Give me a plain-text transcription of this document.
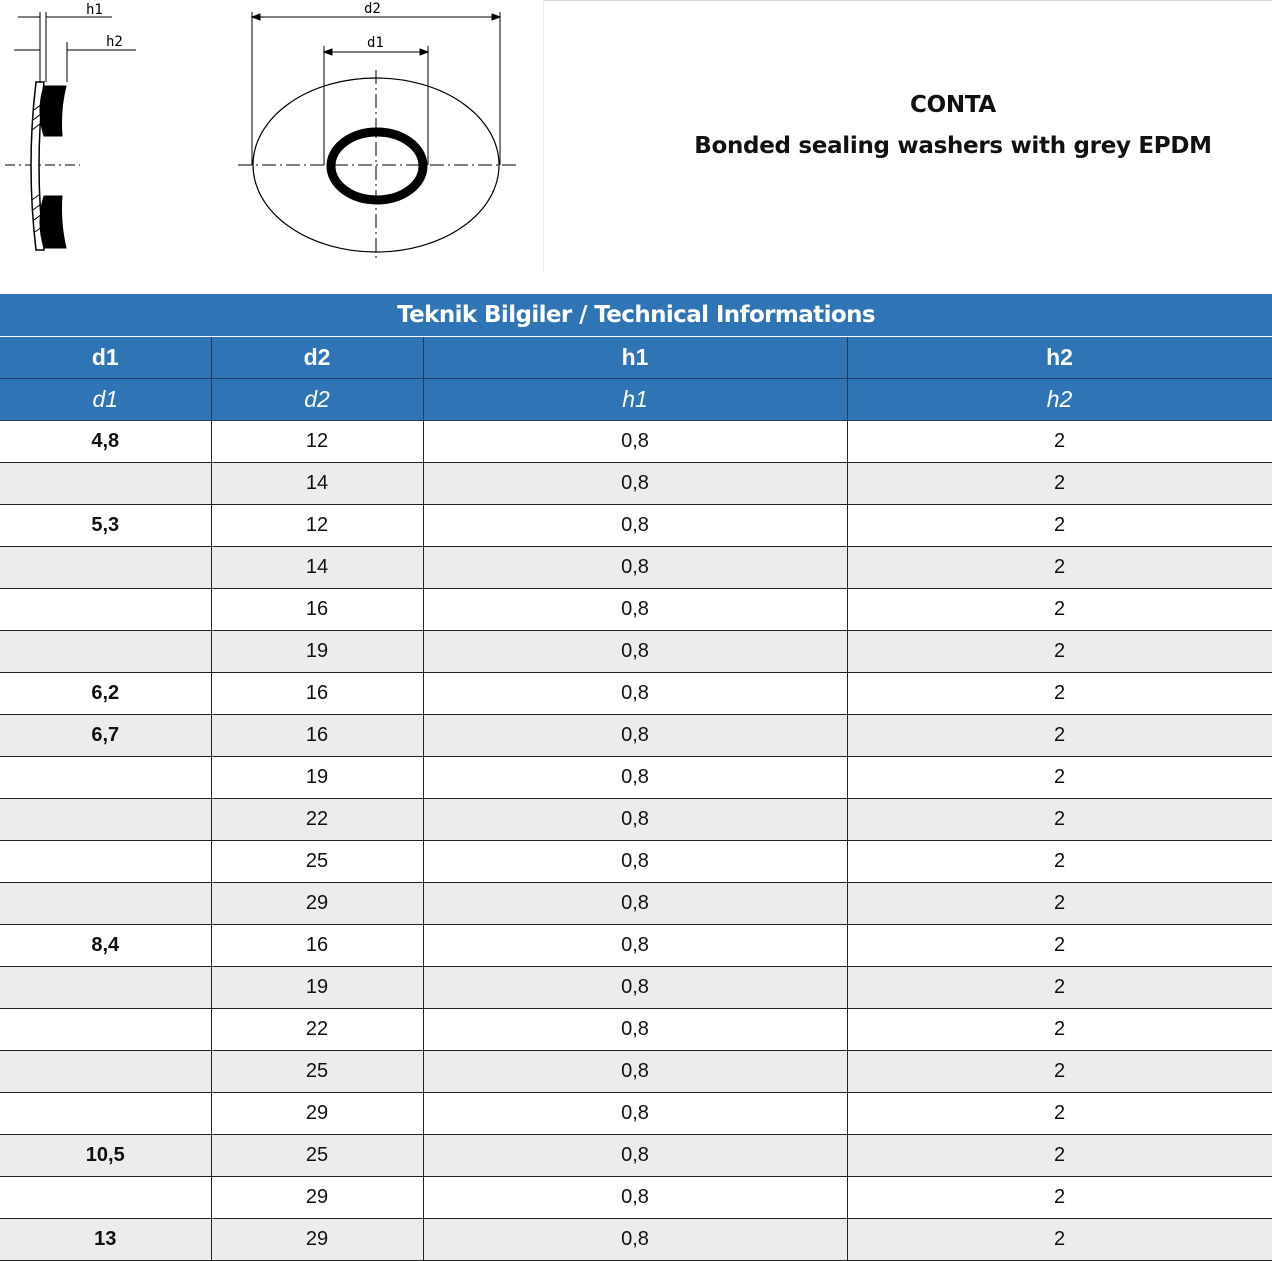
h1
h2
d2
d1
CONTA
Bonded sealing washers with grey EPDM
Teknik Bilgiler / Technical Informations			
d1	d2	h1	h2
d1	d2	h1	h2
4,8	12	0,8	2
	14	0,8	2
5,3	12	0,8	2
	14	0,8	2
	16	0,8	2
	19	0,8	2
6,2	16	0,8	2
6,7	16	0,8	2
	19	0,8	2
	22	0,8	2
	25	0,8	2
	29	0,8	2
8,4	16	0,8	2
	19	0,8	2
	22	0,8	2
	25	0,8	2
	29	0,8	2
10,5	25	0,8	2
	29	0,8	2
13	29	0,8	2
